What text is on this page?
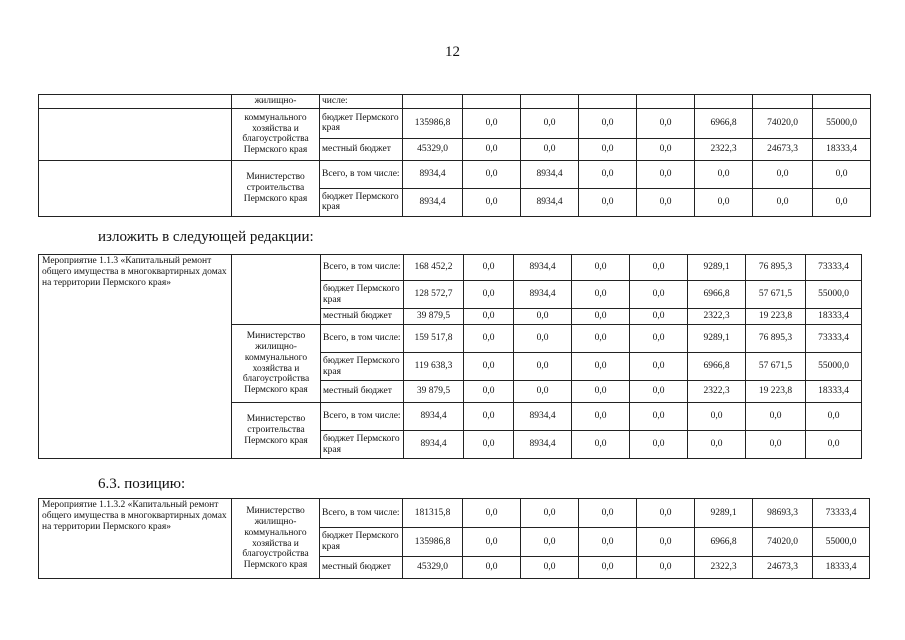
12
	жилищно-	числе:								
	коммунального хозяйства и благоустройства Пермского края	бюджет Пермского края	135986,8	0,0	0,0	0,0	0,0	6966,8	74020,0	55000,0
		местный бюджет	45329,0	0,0	0,0	0,0	0,0	2322,3	24673,3	18333,4
	Министерство строительства Пермского края	Всего, в том числе:	8934,4	0,0	8934,4	0,0	0,0	0,0	0,0	0,0
		бюджет Пермского края	8934,4	0,0	8934,4	0,0	0,0	0,0	0,0	0,0
изложить в следующей редакции:
Мероприятие 1.1.3 «Капитальный ремонт общего имущества в многоквартирных домах на территории Пермского края»		Всего, в том числе:	168 452,2	0,0	8934,4	0,0	0,0	9289,1	76 895,3	73333,4
		бюджет Пермского края	128 572,7	0,0	8934,4	0,0	0,0	6966,8	57 671,5	55000,0
		местный бюджет	39 879,5	0,0	0,0	0,0	0,0	2322,3	19 223,8	18333,4
	Министерство жилищно-коммунального хозяйства и благоустройства Пермского края	Всего, в том числе:	159 517,8	0,0	0,0	0,0	0,0	9289,1	76 895,3	73333,4
		бюджет Пермского края	119 638,3	0,0	0,0	0,0	0,0	6966,8	57 671,5	55000,0
		местный бюджет	39 879,5	0,0	0,0	0,0	0,0	2322,3	19 223,8	18333,4
	Министерство строительства Пермского края	Всего, в том числе:	8934,4	0,0	8934,4	0,0	0,0	0,0	0,0	0,0
		бюджет Пермского края	8934,4	0,0	8934,4	0,0	0,0	0,0	0,0	0,0
6.3. позицию:
Мероприятие 1.1.3.2 «Капитальный ремонт общего имущества в многоквартирных домах на территории Пермского края»	Министерство жилищно-коммунального хозяйства и благоустройства Пермского края	Всего, в том числе:	181315,8	0,0	0,0	0,0	0,0	9289,1	98693,3	73333,4
		бюджет Пермского края	135986,8	0,0	0,0	0,0	0,0	6966,8	74020,0	55000,0
		местный бюджет	45329,0	0,0	0,0	0,0	0,0	2322,3	24673,3	18333,4
